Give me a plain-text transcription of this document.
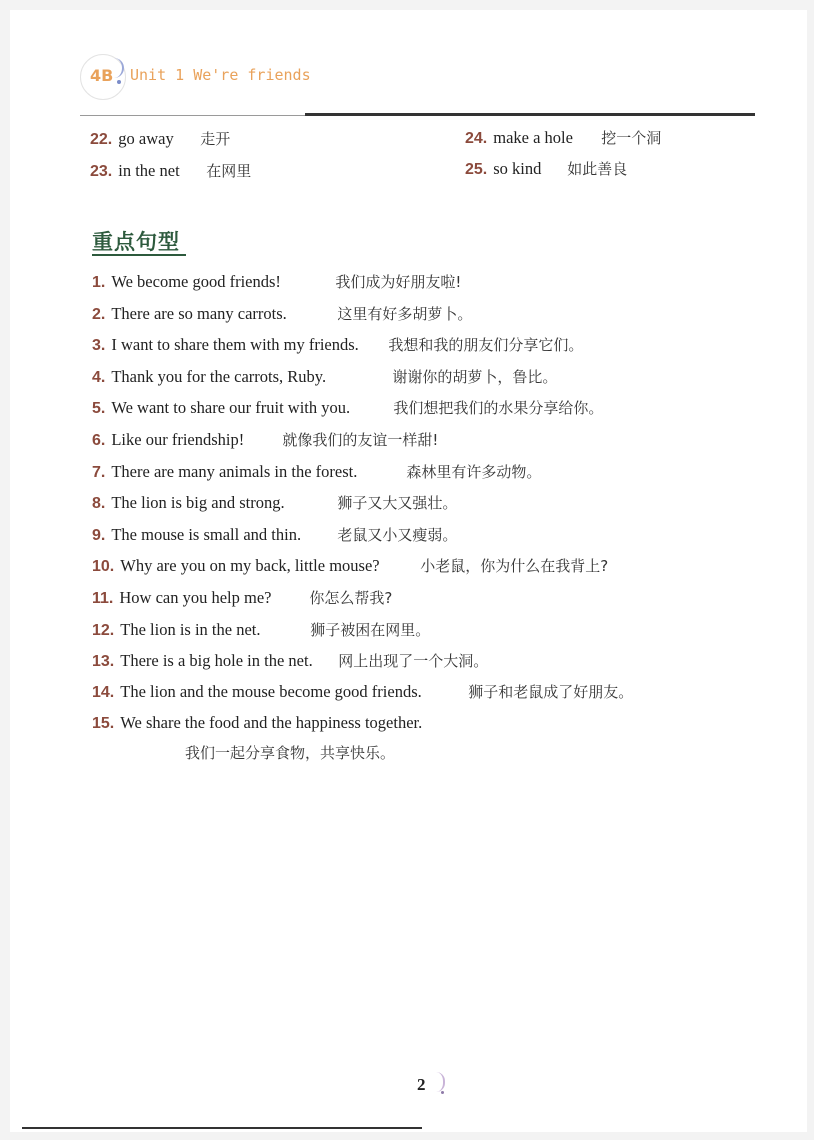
4B Unit 1 We're friends
22. go away	走开
23. in the net	在网里
24. make a hole	挖一个洞
25. so kind	如此善良
重点句型
1. We become good friends!	我们成为好朋友啦!
2. There are so many carrots.	这里有好多胡萝卜。
3. I want to share them with my friends.	我想和我的朋友们分享它们。
4. Thank you for the carrots, Ruby.	谢谢你的胡萝卜，鲁比。
5. We want to share our fruit with you.	我们想把我们的水果分享给你。
6. Like our friendship!	就像我们的友谊一样甜!
7. There are many animals in the forest.	森林里有许多动物。
8. The lion is big and strong.	狮子又大又强壮。
9. The mouse is small and thin.	老鼠又小又瘦弱。
10. Why are you on my back, little mouse?	小老鼠，你为什么在我背上?
11. How can you help me?	你怎么帮我?
12. The lion is in the net.	狮子被困在网里。
13. There is a big hole in the net.	网上出现了一个大洞。
14. The lion and the mouse become good friends.	狮子和老鼠成了好朋友。
15. We share the food and the happiness together.
我们一起分享食物，共享快乐。
2
